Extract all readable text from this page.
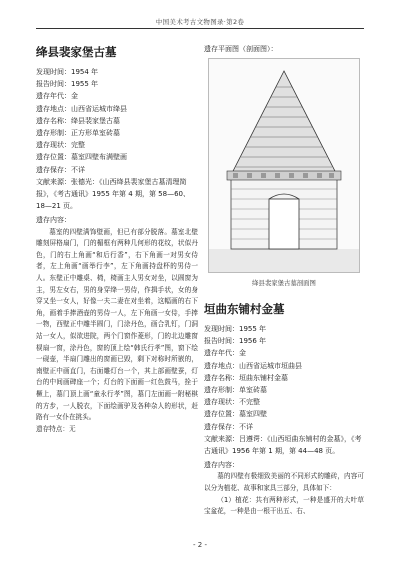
中国美术考古文物图录·第2卷
绛县裴家堡古墓
发现时间：1954 年
报告时间：1955 年
遗存年代：金
遗存地点：山西省运城市绛县
遗存名称：绛县裴家堡古墓
遗存形制：正方形单室砖墓
遗存现状：完整
遗存位置：墓室四壁布满壁画
遗存保存：不详
文献来源：张德光：《山西绛县裴家堡古墓清理简报》，《考古通讯》1955 年第 4 期，第 58—60、18—21 页。
遗存内容：

墓室的四壁满饰壁画，但已有部分脱落。墓室北壁雕刻屏格扇门，门的楣框有两种几何形的花纹，状似丹色，门的右上角画“和后行香”，右下角画一对男女侍者，左上角画“画举行李”，左下角画持盘杯的男侍一人。东壁正中雕桌、椅，椅画主人男女对坐，以圆窗为主，男左女右，男的身穿绛一男侍，作揖手状，女的身穿又坐一女人，好像一夫二妻在对坐着，这幅画的右下角，画着手捧酒壶的男侍一人，左下角画一女侍，手捧一物，西壁正中雕半圆门，门涂丹色，画合乳钉，门洞站一女人，似欲进院，两个门窗作菱形，门的北边雕窗棂扇一窗，涂丹色，窗的顶上绘“韩氏行孝”图，窗下绘一砚壶，半扇门雕出的窗画已毁，剩下对称时所嵌的，南壁正中画直门，右面雕灯台一个，其上部画壁蚕，灯台的中间画碑座一个；灯台的下面画一红色鼓马，拴于橛上，墓门顶上画“童永行孝”图，墓门左面画一附秘棋的方步，一人脱衣，下面绘画驴及各种杂人的形状，赶路有一女仆在挑头。

遗存特点：无

遗存平面图（剖面图）：
绛县裴家堡古墓剖面图
垣曲东铺村金墓
发现时间：1955 年
报告时间：1956 年
遗存年代：金
遗存地点：山西省运城市垣曲县
遗存名称：垣曲东铺村金墓
遗存形制：单室砖墓
遗存现状：不完整
遗存位置：墓室四壁
遗存保存：不详
文献来源：吕遵谔：《山西垣曲东铺村的金墓》，《考古通讯》1956 年第 1 期，第 44—48 页。
遗存内容：

墓的四壁有极细致美丽的不同形式的雕砖，内容可以分为植花、故事和家具三部分，具体如下：

（1）植花：共有两种形式，一种是盛开的大叶草宝盆花，一种是由一根干出五、右、

- 2 -
